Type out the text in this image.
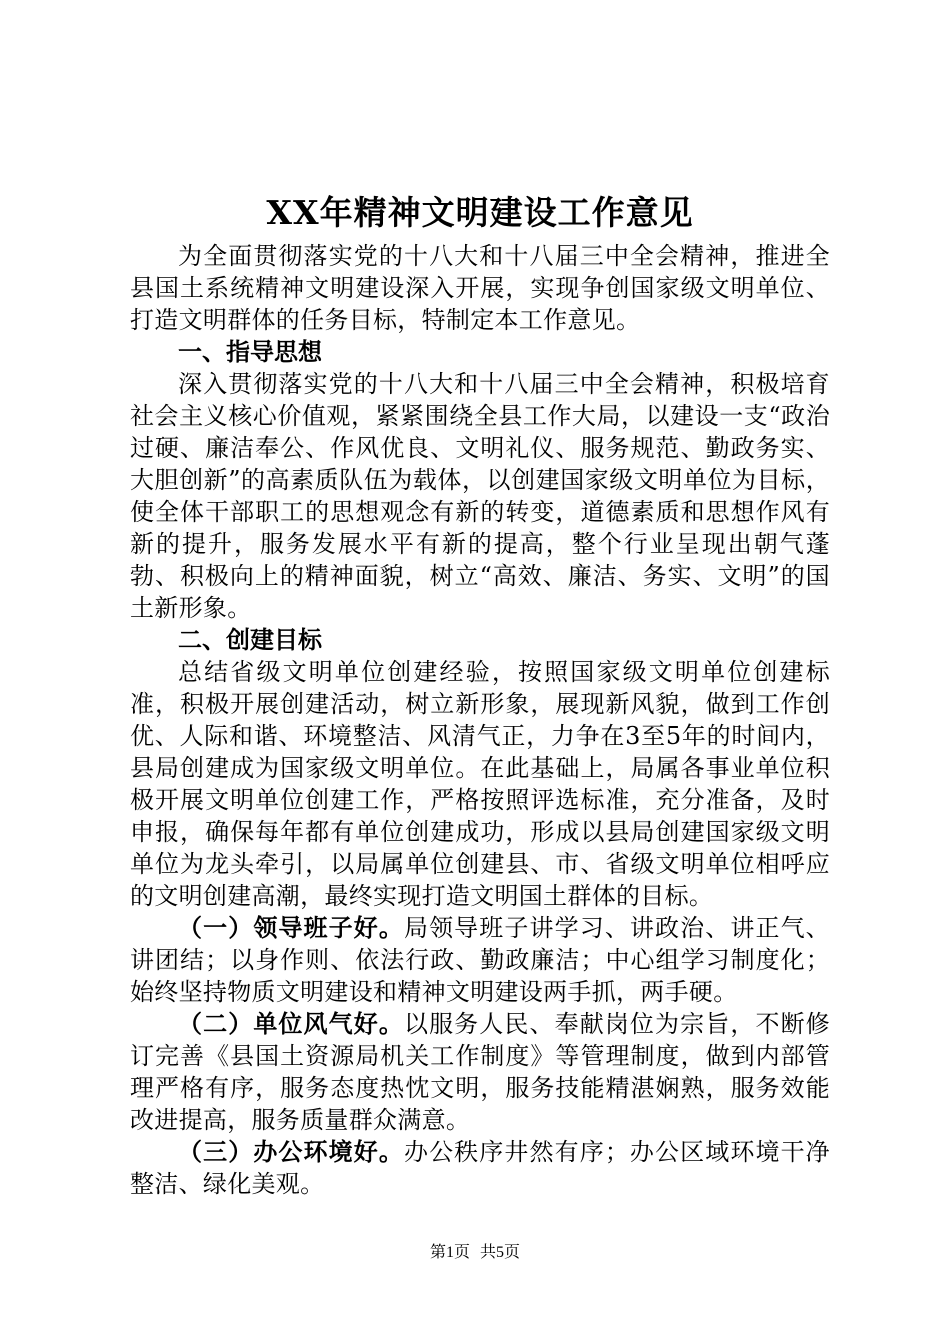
XX年精神文明建设工作意见

为全面贯彻落实党的十八大和十八届三中全会精神，推进全县国土系统精神文明建设深入开展，实现争创国家级文明单位、打造文明群体的任务目标，特制定本工作意见。

一、指导思想

深入贯彻落实党的十八大和十八届三中全会精神，积极培育社会主义核心价值观，紧紧围绕全县工作大局，以建设一支“政治过硬、廉洁奉公、作风优良、文明礼仪、服务规范、勤政务实、大胆创新”的高素质队伍为载体，以创建国家级文明单位为目标，使全体干部职工的思想观念有新的转变，道德素质和思想作风有新的提升，服务发展水平有新的提高，整个行业呈现出朝气蓬勃、积极向上的精神面貌，树立“高效、廉洁、务实、文明”的国土新形象。

二、创建目标

总结省级文明单位创建经验，按照国家级文明单位创建标准，积极开展创建活动，树立新形象，展现新风貌，做到工作创优、人际和谐、环境整洁、风清气正，力争在3至5年的时间内，县局创建成为国家级文明单位。在此基础上，局属各事业单位积极开展文明单位创建工作，严格按照评选标准，充分准备，及时申报，确保每年都有单位创建成功，形成以县局创建国家级文明单位为龙头牵引，以局属单位创建县、市、省级文明单位相呼应的文明创建高潮，最终实现打造文明国土群体的目标。

（一）领导班子好。局领导班子讲学习、讲政治、讲正气、讲团结；以身作则、依法行政、勤政廉洁；中心组学习制度化；始终坚持物质文明建设和精神文明建设两手抓，两手硬。

（二）单位风气好。以服务人民、奉献岗位为宗旨，不断修订完善《县国土资源局机关工作制度》等管理制度，做到内部管理严格有序，服务态度热忱文明，服务技能精湛娴熟，服务效能改进提高，服务质量群众满意。

（三）办公环境好。办公秩序井然有序；办公区域环境干净整洁、绿化美观。

第1页 共5页
